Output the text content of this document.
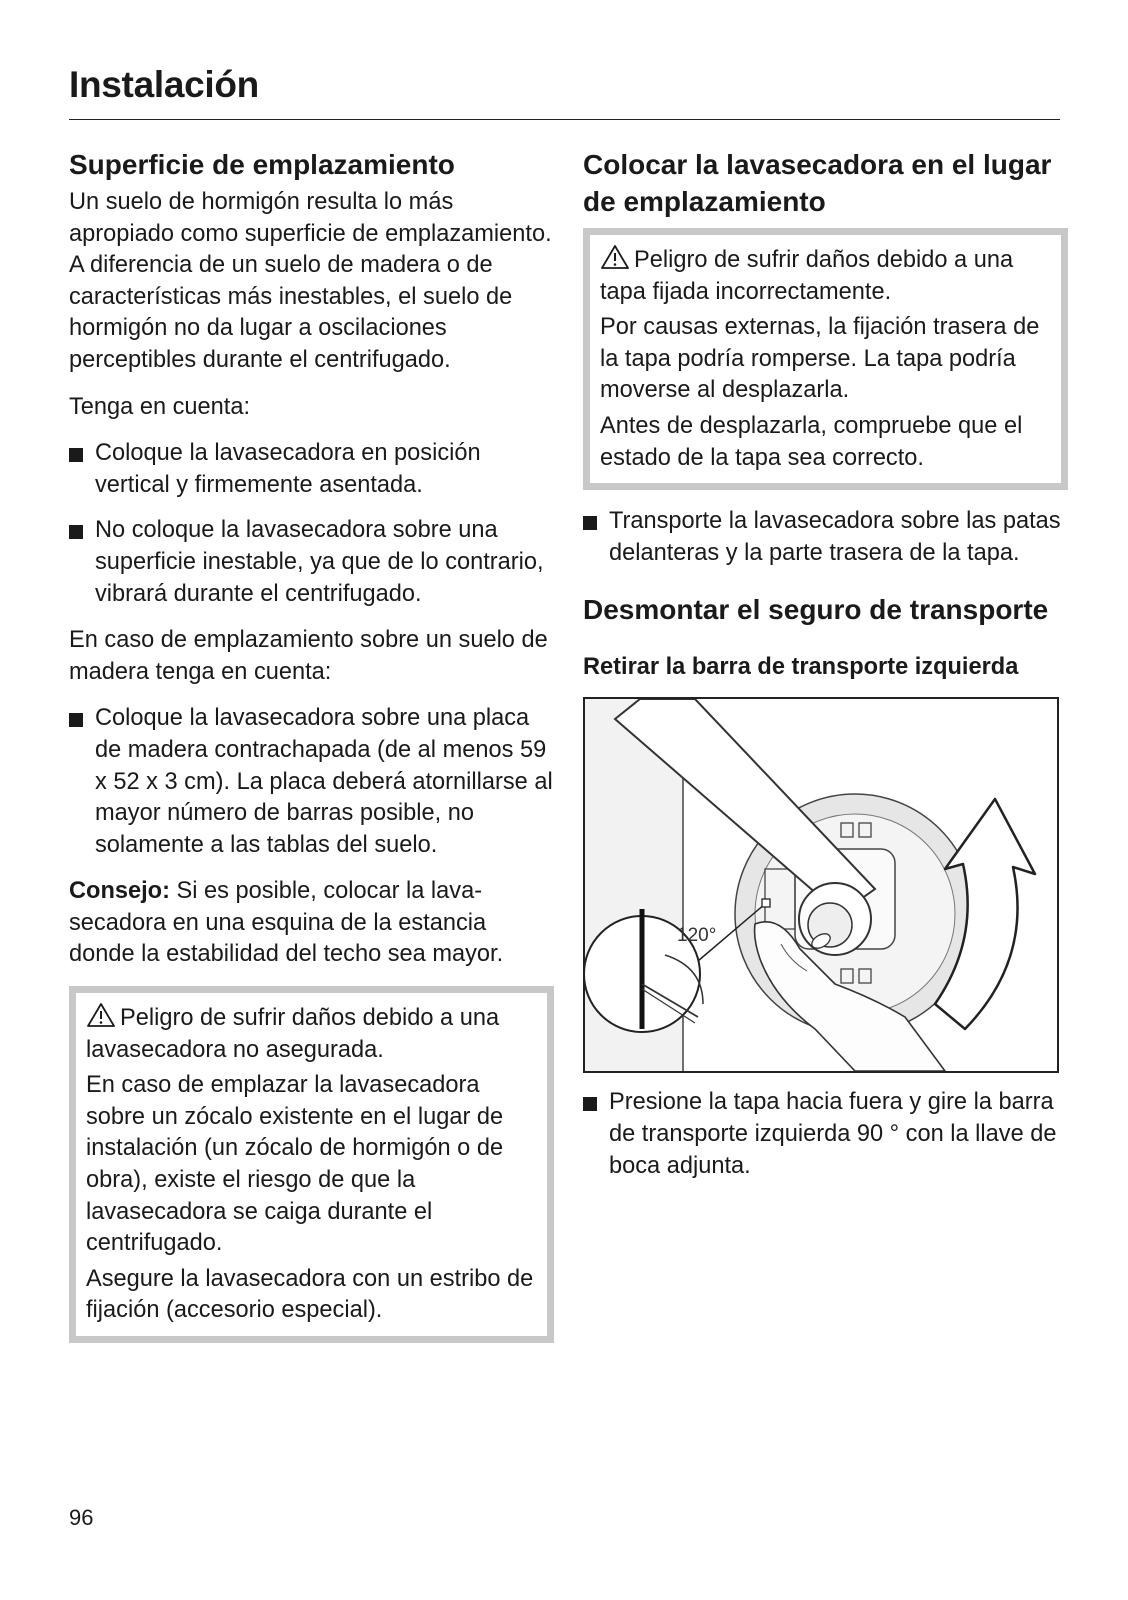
Instalación
Superficie de emplazamiento

Un suelo de hormigón resulta lo más apropiado como superficie de emplazamiento. A diferencia de un suelo de madera o de características más inestables, el suelo de hormigón no da lugar a oscilaciones perceptibles durante el centrifugado.

Tenga en cuenta:

Coloque la lavasecadora en posición vertical y firmemente asentada.
No coloque la lavasecadora sobre una superficie inestable, ya que de lo contrario, vibrará durante el centrifugado.

En caso de emplazamiento sobre un suelo de madera tenga en cuenta:

Coloque la lavasecadora sobre una placa de madera contrachapada (de al menos 59 x 52 x 3 cm). La placa deberá atornillarse al mayor número de barras posible, no solamente a las tablas del suelo.

Consejo: Si es posible, colocar la lavasecadora en una esquina de la estancia donde la estabilidad del techo sea mayor.

Peligro de sufrir daños debido a una lavasecadora no asegurada.

En caso de emplazar la lavasecadora sobre un zócalo existente en el lugar de instalación (un zócalo de hormigón o de obra), existe el riesgo de que la lavasecadora se caiga durante el centrifugado.

Asegure la lavasecadora con un estribo de fijación (accesorio especial).

Colocar la lavasecadora en el lugar de emplazamiento

Peligro de sufrir daños debido a una tapa fijada incorrectamente.

Por causas externas, la fijación trasera de la tapa podría romperse. La tapa podría moverse al desplazarla.

Antes de desplazarla, compruebe que el estado de la tapa sea correcto.

Transporte la lavasecadora sobre las patas delanteras y la parte trasera de la tapa.
Desmontar el seguro de transporte
Retirar la barra de transporte izquierda
120°
Presione la tapa hacia fuera y gire la barra de transporte izquierda 90 ° con la llave de boca adjunta.
96
